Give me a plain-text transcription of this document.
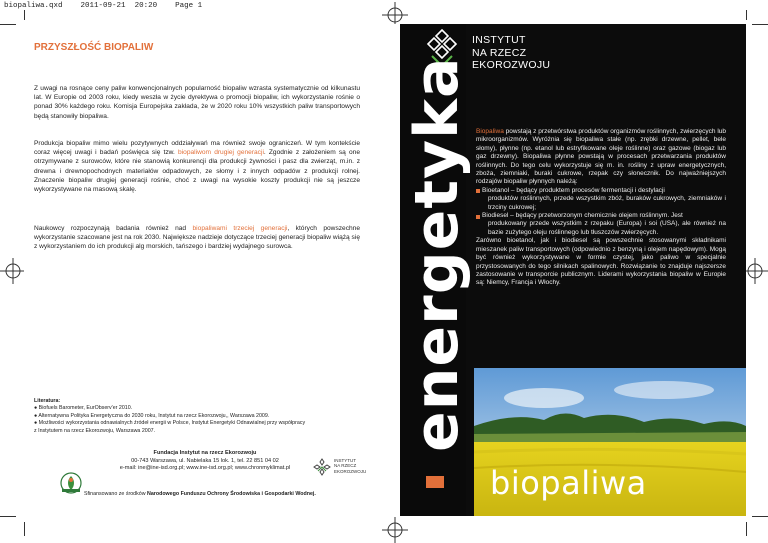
biopaliwa.qxd 2011-09-21 20:20 Page 1
PRZYSZŁOŚĆ BIOPALIW
Z uwagi na rosnące ceny paliw konwencjonalnych popularność biopaliw wzrasta systematycznie od kilkunastu lat. W Europie od 2003 roku, kiedy weszła w życie dyrektywa o promocji biopaliw, ich wykorzystanie rośnie o ponad 30% każdego roku. Komisja Europejska zakłada, że w 2020 roku 10% wszystkich paliw transportowych będą stanowiły biopaliwa.
Produkcja biopaliw mimo wielu pozytywnych oddziaływań ma również swoje ograniczeń. W tym kontekście coraz więcej uwagi i badań poświęca się tzw. biopaliwom drugiej generacji. Zgodnie z założeniem są one otrzymywane z surowców, które nie stanowią konkurencji dla produkcji żywności i pasz dla zwierząt, m.in. z drewna i drewnopochodnych materiałów odpadowych, ze słomy i z innych odpadów z produkcji rolnej. Znaczenie biopaliw drugiej generacji rośnie, choć z uwagi na wysokie koszty produkcji nie są jeszcze wykorzystywane na masową skalę.
Naukowcy rozpoczynają badania również nad biopaliwami trzeciej generacji, których powszechne wykorzystanie szacowane jest na rok 2030. Największe nadzieje dotyczące trzeciej generacji biopaliw wiążą się z wykorzystaniem do ich produkcji alg morskich, tańszego i bardziej wydajnego surowca.
Literatura:
● Biofuels Barometer, EurObserv'er 2010.
● Alternatywna Polityka Energetyczna do 2030 roku, Instytut na rzecz Ekorozwoju,, Warszawa 2009.
● Możliwości wykorzystania odnawialnych źródeł energii w Polsce, Instytut Energetyki Odnawialnej przy współpracy
z Instytutem na rzecz Ekorozwoju, Warszawa 2007.
Fundacja Instytut na rzecz Ekorozwoju
00-743 Warszawa, ul. Nabielaka 15 lok. 1, tel. 22 851 04 02
e-mail: ine@ine-isd.org.pl; www.ine-isd.org.pl; www.chronmyklimat.pl
INSTYTUT
NA RZECZ
EKOROZWOJU
Sfinansowano ze środków Narodowego Funduszu Ochrony Środowiska i Gospodarki Wodnej.
INSTYTUT
NA RZECZ
EKOROZWOJU
energetyka Biopaliwa powstają z przetwórstwa produktów organizmów roślinnych, zwierzęcych lub mikroorganizmów. Wyróżnia się biopaliwa stałe (np. zrębki drzewne, pellet, bele słomy), płynne (np. etanol lub estryfikowane oleje roślinne) oraz gazowe (biogaz lub gaz drzewny). Biopaliwa płynne powstają w procesach przetwarzania produktów roślinnych. Do tego celu wykorzystuje się m. in. rośliny z upraw energetycznych, zboża, ziemniaki, buraki cukrowe, rzepak czy słonecznik. Do najważniejszych rodzajów biopaliw płynnych należą:
Bioetanol – będący produktem procesów fermentacji i destylacji
produktów roślinnych, przede wszystkim zbóż, buraków cukrowych, ziemniaków i trzciny cukrowej;
Biodiesel – będący przetworzonym chemicznie olejem roślinnym. Jest
produkowany przede wszystkim z rzepaku (Europa) i soi (USA), ale również na bazie zużytego oleju roślinnego lub tłuszczów zwierzęcych.
Zarówno bioetanol, jak i biodiesel są powszechnie stosowanymi składnikami mieszanek paliw transportowych (odpowiednio z benzyną i olejem napędowym). Mogą być również wykorzystywane w formie czystej, jako paliwo w specjalnie przystosowanych do tego silnikach spalinowych. Rozwiązanie to znajduje najszersze zastosowanie w transporcie publicznym. Liderami wykorzystania biopaliw w Europie są: Niemcy, Francja i Włochy.
biopaliwa
